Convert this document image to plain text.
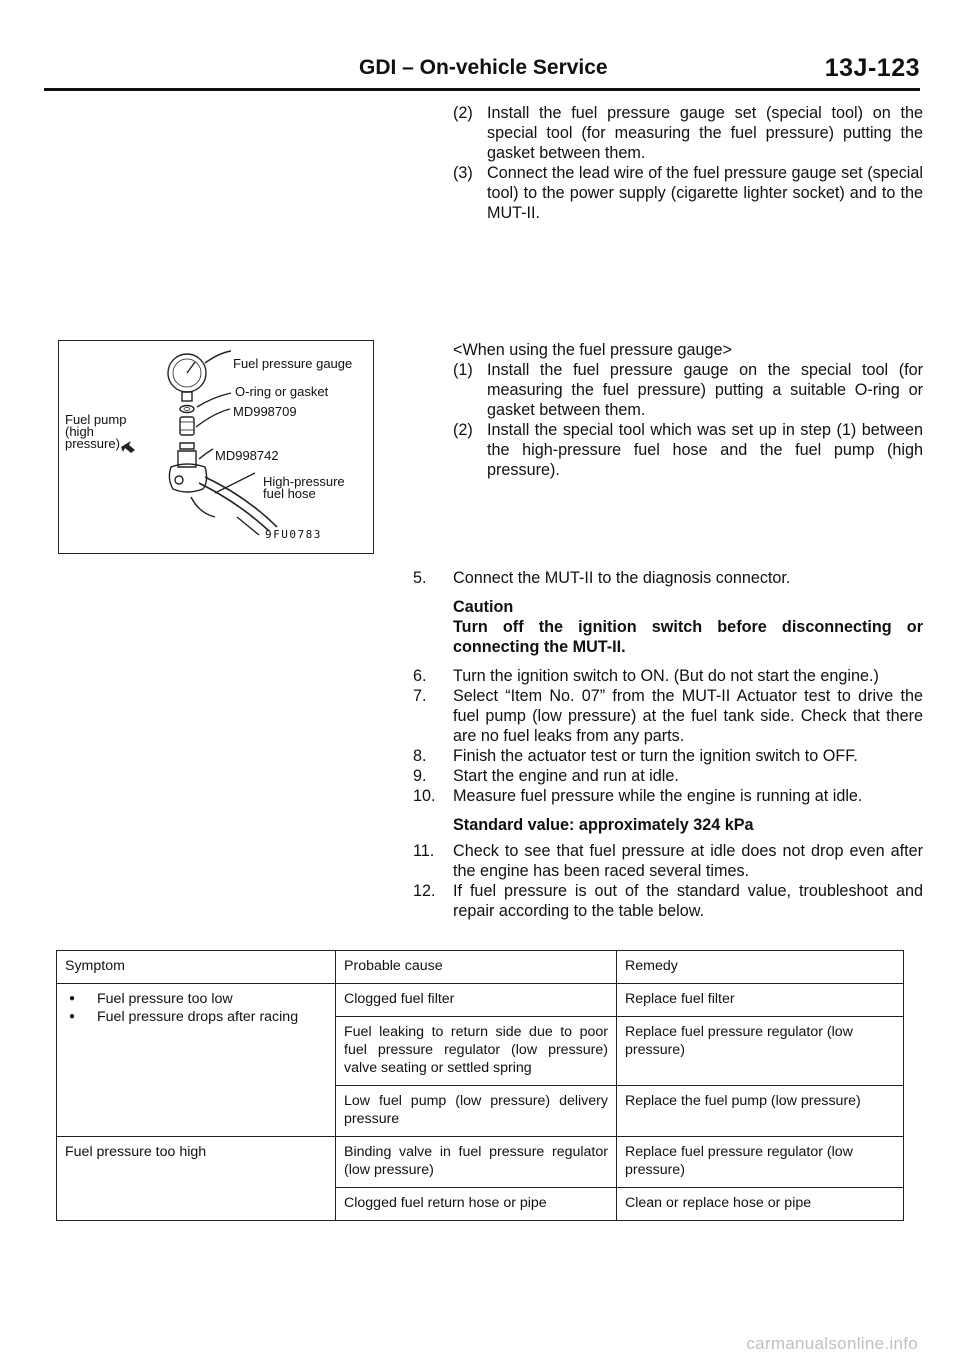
GDI – On-vehicle Service	13J-123
(2) Install the fuel pressure gauge set (special tool) on the special tool (for measuring the fuel pressure) putting the gasket between them.
(3) Connect the lead wire of the fuel pressure gauge set (special tool) to the power supply (cigarette lighter socket) and to the MUT-II.
Fuel pressure gauge
O-ring or gasket
MD998709
MD998742
High-pressure
fuel hose
Fuel pump
(high
pressure)
9FU0783
<When using the fuel pressure gauge>
(1) Install the fuel pressure gauge on the special tool (for measuring the fuel pressure) putting a suitable O-ring or gasket between them.
(2) Install the special tool which was set up in step (1) between the high-pressure fuel hose and the fuel pump (high pressure).
5. Connect the MUT-II to the diagnosis connector.
Caution
Turn off the ignition switch before disconnecting or connecting the MUT-II.
6. Turn the ignition switch to ON. (But do not start the engine.)
7. Select “Item No. 07” from the MUT-II Actuator test to drive the fuel pump (low pressure) at the fuel tank side. Check that there are no fuel leaks from any parts.
8. Finish the actuator test or turn the ignition switch to OFF.
9. Start the engine and run at idle.
10. Measure fuel pressure while the engine is running at idle.
Standard value: approximately 324 kPa
11. Check to see that fuel pressure at idle does not drop even after the engine has been raced several times.
12. If fuel pressure is out of the standard value, troubleshoot and repair according to the table below.
Symptom	Probable cause	Remedy

● Fuel pressure too low
● Fuel pressure drops after racing	Clogged fuel filter	Replace fuel filter
	Fuel leaking to return side due to poor fuel pressure regulator (low pressure) valve seating or settled spring	Replace fuel pressure regulator (low pressure)
	Low fuel pump (low pressure) delivery pressure	Replace the fuel pump (low pressure)
Fuel pressure too high	Binding valve in fuel pressure regulator (low pressure)	Replace fuel pressure regulator (low pressure)
	Clogged fuel return hose or pipe	Clean or replace hose or pipe
carmanualsonline.info
